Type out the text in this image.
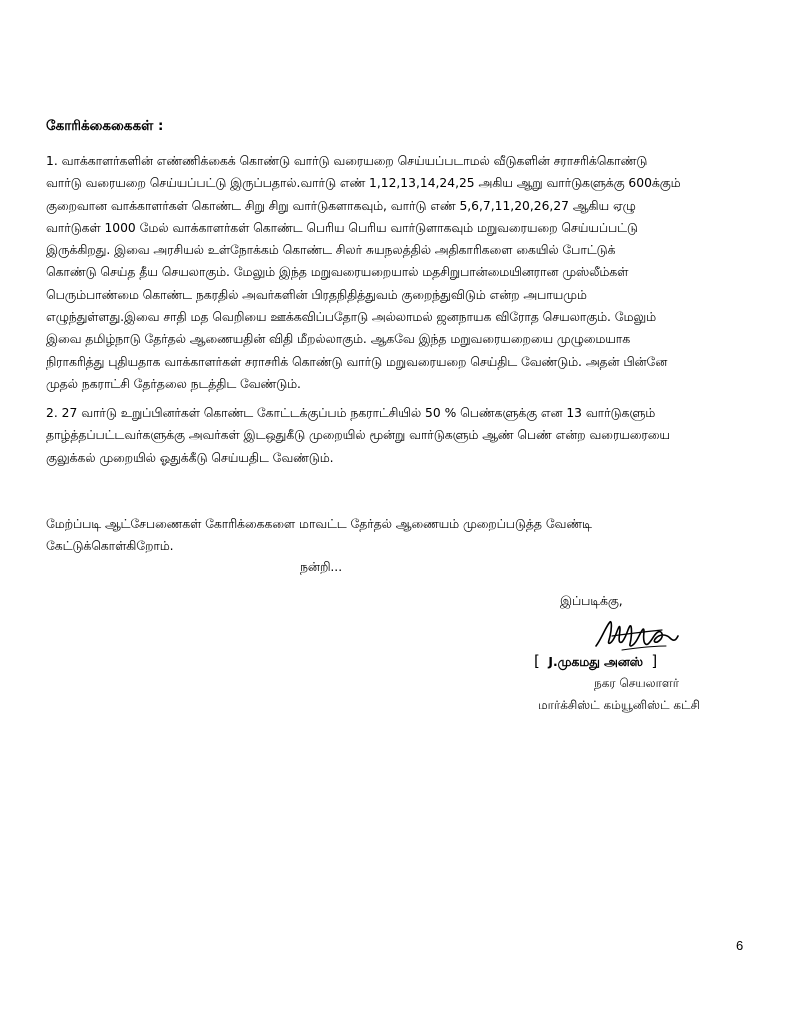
கோரிக்கைகைகள் :
1. வாக்காளர்களின் எண்ணிக்கைக் கொண்டு வார்டு வரையறை செய்யப்படாமல் வீடுகளின் சராசரிக்கொண்டு
வார்டு வரையறை செய்யப்பட்டு இருப்பதால்.வார்டு எண் 1,12,13,14,24,25 அகிய ஆறு வார்டுகளுக்கு 600க்கும்
குறைவான வாக்காளர்கள் கொண்ட சிறு சிறு வார்டுகளாகவும், வார்டு எண் 5,6,7,11,20,26,27 ஆகிய ஏழு
வார்டுகள் 1000 மேல் வாக்காளர்கள் கொண்ட பெரிய பெரிய வார்டுளாகவும் மறுவரையறை செய்யப்பட்டு
இருக்கிறது. இவை அரசியல் உள்நோக்கம் கொண்ட சிலர் சுயநலத்தில் அதிகாரிகளை கையில் போட்டுக்
கொண்டு செய்த தீய செயலாகும். மேலும் இந்த மறுவரையறையால் மதசிறுபான்மையினரான முஸ்லீம்கள்
பெரும்பாண்மை கொண்ட நகரதில் அவர்களின் பிரதநிதித்துவம் குறைந்துவிடும் என்ற அபாயமும்
எழுந்துள்ளது.இவை சாதி மத வெறியை ஊக்கவிப்பதோடு அல்லாமல் ஜனநாயக விரோத செயலாகும். மேலும்
இவை தமிழ்நாடு தேர்தல் ஆணையதின் விதி மீறல்லாகும். ஆகவே இந்த மறுவரையறையை முழுமையாக
நிராகரித்து புதியதாக வாக்காளர்கள் சராசரிக் கொண்டு வார்டு மறுவரையறை செய்திட வேண்டும். அதன் பின்னே
முதல் நகராட்சி தேர்தலை நடத்திட வேண்டும்.
2. 27 வார்டு உறுப்பினர்கள் கொண்ட கோட்டக்குப்பம் நகராட்சியில் 50 % பெண்களுக்கு என 13 வார்டுகளும்
தாழ்த்தப்பட்டவர்களுக்கு அவர்கள் இடஒதுகீடு முறையில் மூன்று வார்டுகளும் ஆண் பெண் என்ற வரையரையை
குலுக்கல் முறையில் ஓதுக்கீடு செய்யதிட வேண்டும்.
மேற்ப்படி ஆட்சேபணைகள் கோரிக்கைகளை மாவட்ட தேர்தல் ஆணையம் முறைப்படுத்த வேண்டி
கேட்டுக்கொள்கிறோம்.
நன்றி...
இப்படிக்கு,
[ J.முகமது அனஸ் ]
நகர செயலாளர்
மார்க்சிஸ்ட் கம்யூனிஸ்ட் கட்சி
6
